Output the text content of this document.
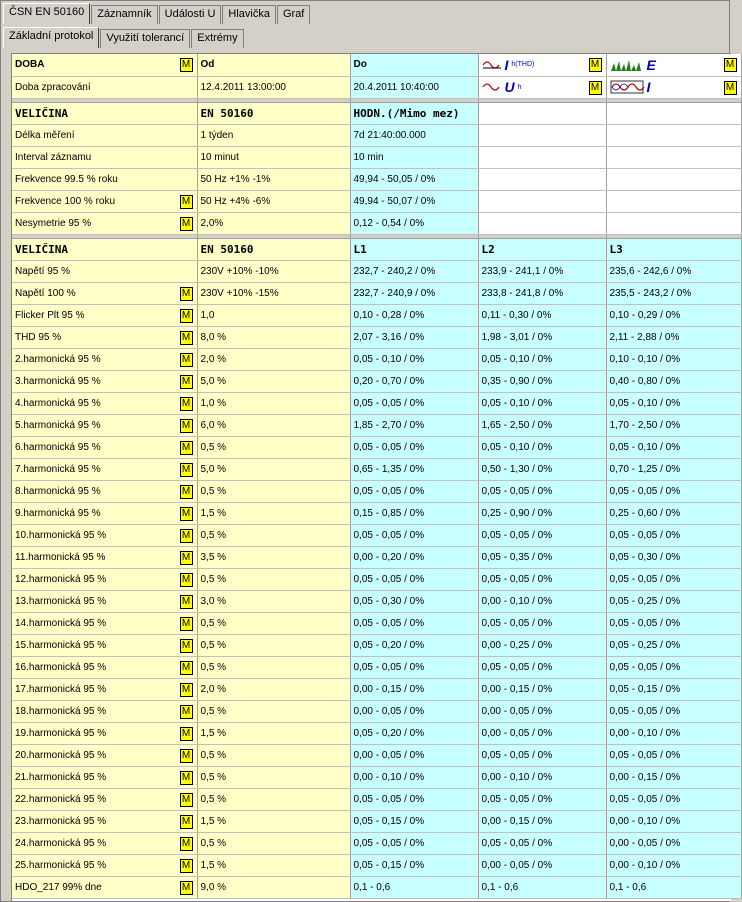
ČSN EN 50160	Záznamník	Události U	Hlavička	Graf
Základní protokol	Využití tolerancí	Extrémy
DOBA M	Od	Do	I h(THD) M	E M

Doba zpracování	12.4.2011 13:00:00	20.4.2011 10:40:00	U h M	I M

VELIČINA	EN 50160	HODN.(/Mimo mez)		
Délka měření	1 týden	7d 21:40:00.000		
Interval záznamu	10 minut	10 min		
Frekvence 99.5 % roku	50 Hz +1% -1%	49,94 - 50,05 / 0%		
Frekvence 100 % roku M	50 Hz +4% -6%	49,94 - 50,07 / 0%		
Nesymetrie 95 % M	2,0%	0,12 - 0,54 / 0%		

VELIČINA	EN 50160	L1	L2	L3
Napětí 95 %	230V +10% -10%	232,7 - 240,2 / 0%	233,9 - 241,1 / 0%	235,6 - 242,6 / 0%
Napětí 100 % M	230V +10% -15%	232,7 - 240,9 / 0%	233,8 - 241,8 / 0%	235,5 - 243,2 / 0%
Flicker Plt 95 % M	1,0	0,10 - 0,28 / 0%	0,11 - 0,30 / 0%	0,10 - 0,29 / 0%
THD 95 % M	8,0 %	2,07 - 3,16 / 0%	1,98 - 3,01 / 0%	2,11 - 2,88 / 0%
2.harmonická 95 % M	2,0 %	0,05 - 0,10 / 0%	0,05 - 0,10 / 0%	0,10 - 0,10 / 0%
3.harmonická 95 % M	5,0 %	0,20 - 0,70 / 0%	0,35 - 0,90 / 0%	0,40 - 0,80 / 0%
4.harmonická 95 % M	1,0 %	0,05 - 0,05 / 0%	0,05 - 0,10 / 0%	0,05 - 0,10 / 0%
5.harmonická 95 % M	6,0 %	1,85 - 2,70 / 0%	1,65 - 2,50 / 0%	1,70 - 2,50 / 0%
6.harmonická 95 % M	0,5 %	0,05 - 0,05 / 0%	0,05 - 0,10 / 0%	0,05 - 0,10 / 0%
7.harmonická 95 % M	5,0 %	0,65 - 1,35 / 0%	0,50 - 1,30 / 0%	0,70 - 1,25 / 0%
8.harmonická 95 % M	0,5 %	0,05 - 0,05 / 0%	0,05 - 0,05 / 0%	0,05 - 0,05 / 0%
9.harmonická 95 % M	1,5 %	0,15 - 0,85 / 0%	0,25 - 0,90 / 0%	0,25 - 0,60 / 0%
10.harmonická 95 % M	0,5 %	0,05 - 0,05 / 0%	0,05 - 0,05 / 0%	0,05 - 0,05 / 0%
11.harmonická 95 % M	3,5 %	0,00 - 0,20 / 0%	0,05 - 0,35 / 0%	0,05 - 0,30 / 0%
12.harmonická 95 % M	0,5 %	0,05 - 0,05 / 0%	0,05 - 0,05 / 0%	0,05 - 0,05 / 0%
13.harmonická 95 % M	3,0 %	0,05 - 0,30 / 0%	0,00 - 0,10 / 0%	0,05 - 0,25 / 0%
14.harmonická 95 % M	0,5 %	0,05 - 0,05 / 0%	0,05 - 0,05 / 0%	0,05 - 0,05 / 0%
15.harmonická 95 % M	0,5 %	0,05 - 0,20 / 0%	0,00 - 0,25 / 0%	0,05 - 0,25 / 0%
16.harmonická 95 % M	0,5 %	0,05 - 0,05 / 0%	0,05 - 0,05 / 0%	0,05 - 0,05 / 0%
17.harmonická 95 % M	2,0 %	0,00 - 0,15 / 0%	0,00 - 0,15 / 0%	0,05 - 0,15 / 0%
18.harmonická 95 % M	0,5 %	0,00 - 0,05 / 0%	0,00 - 0,05 / 0%	0,05 - 0,05 / 0%
19.harmonická 95 % M	1,5 %	0,05 - 0,20 / 0%	0,00 - 0,05 / 0%	0,00 - 0,10 / 0%
20.harmonická 95 % M	0,5 %	0,00 - 0,05 / 0%	0,05 - 0,05 / 0%	0,05 - 0,05 / 0%
21.harmonická 95 % M	0,5 %	0,00 - 0,10 / 0%	0,00 - 0,10 / 0%	0,00 - 0,15 / 0%
22.harmonická 95 % M	0,5 %	0,05 - 0,05 / 0%	0,05 - 0,05 / 0%	0,05 - 0,05 / 0%
23.harmonická 95 % M	1,5 %	0,05 - 0,15 / 0%	0,00 - 0,15 / 0%	0,00 - 0,10 / 0%
24.harmonická 95 % M	0,5 %	0,05 - 0,05 / 0%	0,05 - 0,05 / 0%	0,00 - 0,05 / 0%
25.harmonická 95 % M	1,5 %	0,05 - 0,15 / 0%	0,00 - 0,05 / 0%	0,00 - 0,10 / 0%
HDO_217 99% dne M	9,0 %	0,1 - 0,6	0,1 - 0,6	0,1 - 0,6
